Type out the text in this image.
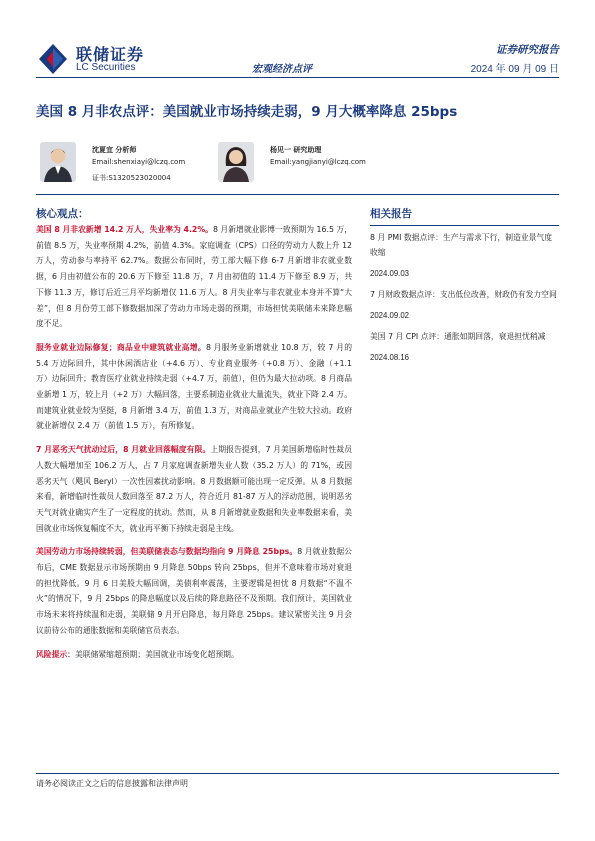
联储证券
LC Securities	宏观经济点评
证券研究报告
2024 年 09 月 09 日
美国 8 月非农点评：美国就业市场持续走弱，9 月大概率降息 25bps
沈夏宜 分析师
Email:shenxiayi@lczq.com
证书:S1320523020004
杨见一 研究助理
Email:yangjianyi@lczq.com
核心观点：
美国 8 月非农新增 14.2 万人，失业率为 4.2%。8 月新增就业影博一致预期为 16.5 万，前值 8.5 万，失业率预期 4.2%，前值 4.3%。家庭调查（CPS）口径的劳动力人数上升 12 万人，劳动参与率持平 62.7%。数据公布同时，劳工部大幅下修 6-7 月新增非农就业数据，6 月由初值公布的 20.6 万下修至 11.8 万，7 月由初值的 11.4 万下修至 8.9 万，共下修 11.3 万，修订后近三月平均新增仅 11.6 万人。8 月失业率与非农就业本身并不算“大差”，但 8 月份劳工部下修数据加深了劳动力市场走弱的预期，市场担忧美联储未来降息幅度不足。
服务业就业边际修复；商品业中建筑就业高增。8 月服务业新增就业 10.8 万，较 7 月的 5.4 万边际回升，其中休闲酒店业（+4.6 万）、专业商业服务（+0.8 万）、金融（+1.1 万）边际回升；教育医疗业就业持续走弱（+4.7 万，前值），但仍为最大拉动项。8 月商品业新增 1 万，较上月（+2 万）大幅回落，主要系制造业就业大量流失，就业下降 2.4 万。而建筑业就业较为坚挺，8 月新增 3.4 万，前值 1.3 万，对商品业就业产生较大拉动。政府就业新增仅 2.4 万（前值 1.5 万），有所修复。
7 月恶劣天气扰动过后，8 月就业回落幅度有限。上期报告提到，7 月美国新增临时性裁员人数大幅增加至 106.2 万人，占 7 月家庭调查新增失业人数（35.2 万人）的 71%，或因恶劣天气（飓风 Beryl）一次性因素扰动影响。8 月数据额可能出现一定反弹。从 8 月数据来看，新增临时性裁员人数回落至 87.2 万人，符合近月 81-87 万人的浮动范围，说明恶劣天气对就业确实产生了一定程度的扰动。然而，从 8 月新增就业数据和失业率数据来看，美国就业市场恢复幅度不大，就业再平衡下持续走弱是主线。
美国劳动力市场持续转弱，但美联储表态与数据均指向 9 月降息 25bps。8 月就业数据公布后，CME 数据显示市场预期由 9 月降息 50bps 转向 25bps，但并不意味着市场对衰退的担忧降低。9 月 6 日美股大幅回调，美债利率震荡，主要逻辑是担忧 8 月数据“不温不火”的情况下，9 月 25bps 的降息幅度以及后续的降息路径不及预期。我们预计，美国就业市场未来将持续温和走弱，美联储 9 月开启降息，每月降息 25bps。建议紧密关注 9 月会议前待公布的通胀数据和美联储官员表态。
风险提示：美联储紧缩超预期；美国就业市场变化超预期。
相关报告
8 月 PMI 数据点评：生产与需求下行，制造业景气度收缩
2024.09.03
7 月财政数据点评：支出低位改善，财政仍有发力空间
2024.09.02
美国 7 月 CPI 点评：通胀如期回落，衰退担忧稍减
2024.08.16
请务必阅读正文之后的信息披露和法律声明
